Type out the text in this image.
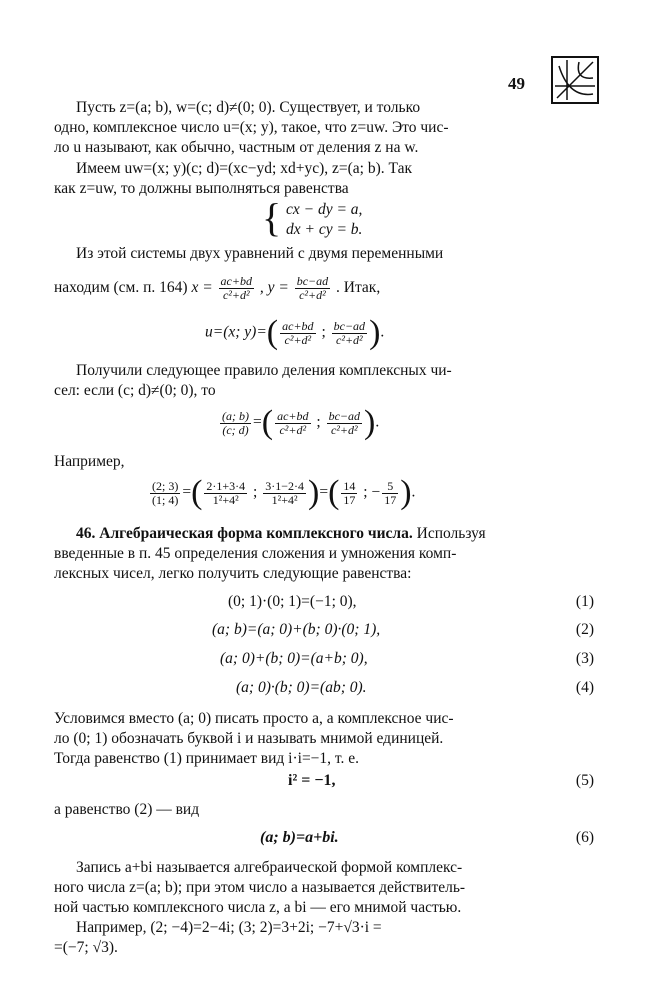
49
Пусть z=(a; b), w=(c; d)≠(0; 0). Существует, и только
одно, комплексное число u=(x; y), такое, что z=uw. Это чис-
ло u называют, как обычно, частным от деления z на w.
Имеем uw=(x; y)(c; d)=(xc−yd; xd+yc), z=(a; b). Так
как z=uw, то должны выполняться равенства
{ cx − dy = a,
dx + cy = b.
Из этой системы двух уравнений с двумя переменными
находим (см. п. 164) $x = \frac{ac+bd}{\text{c²+d²}}$ , $y = \frac{bc-ad}{\text{c²+d²}}$ . Итак,
u=(x; $y)=( \frac{ac+bd}{\text{c²+d²}}$ ; $\frac{bc-ad}{\text{c²+d²}}$ ).
Получили следующее правило деления комплексных чи-
сел: если (c; d)≠(0; 0), то
$\frac{(a; b)}{(c; d)}$ =( $\frac{ac+bd}{\text{c²+d²}}$ ; $\frac{bc-ad}{\text{c²+d²}}$ ).
Например,
$\frac{(2; 3)}{(1; 4)}$ =( $\frac{2\cdot 1+3\cdot 4}{\text{1²+4²}}$ ; $\frac{3\cdot 1-2\cdot 4}{\text{1²+4²}}$ )=( $\frac{14}{17}$ ; − $\frac{5}{17}$ ).
46. Алгебраическая форма комплексного числа. Используя
введенные в п. 45 определения сложения и умножения комп-
лексных чисел, легко получить следующие равенства:
(0; 1)·(0; 1)=(−1; 0),	(1)
(a; b)=(a; 0)+(b; 0)·(0; 1),	(2)
(a; 0)+(b; 0)=(a+b; 0),	(3)
(a; 0)·(b; 0)=(ab; 0).	(4)
Условимся вместо (a; 0) писать просто a, а комплексное чис-
ло (0; 1) обозначать буквой i и называть мнимой единицей.
Тогда равенство (1) принимает вид i·i=−1, т. е.
i² = −1,	(5)
а равенство (2) — вид
(a; b)=a+bi.	(6)
Запись a+bi называется алгебраической формой комплекс-
ного числа z=(a; b); при этом число a называется действитель-
ной частью комплексного числа z, а bi — его мнимой частью.
Например, (2; −4)=2−4i; (3; 2)=3+2i; −7+√3·i =
=(−7; √3).
